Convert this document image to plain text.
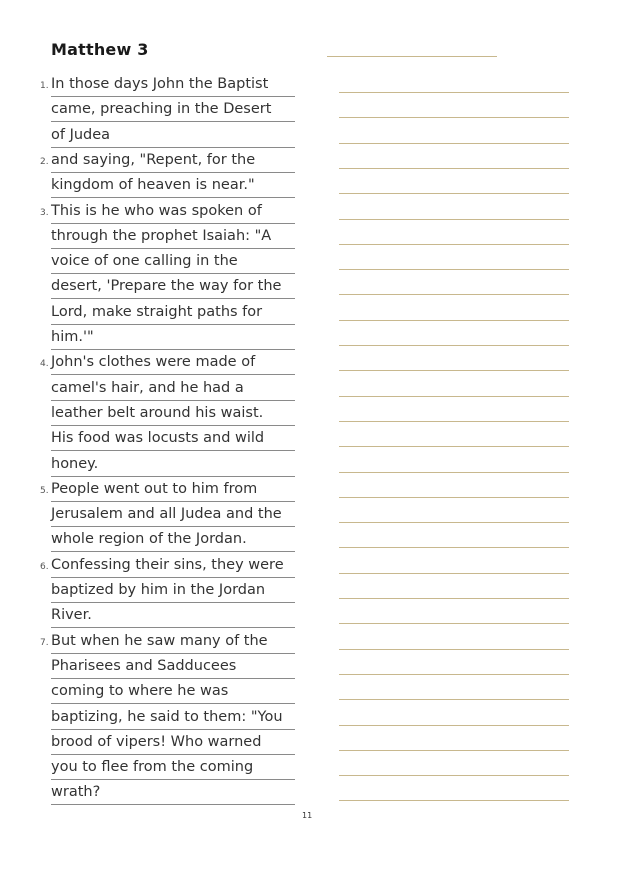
Matthew 3
1. In those days John the Baptist
came, preaching in the Desert
of Judea
2. and saying, "Repent, for the
kingdom of heaven is near."
3. This is he who was spoken of
through the prophet Isaiah: "A
voice of one calling in the
desert, 'Prepare the way for the
Lord, make straight paths for
him.'"
4. John's clothes were made of
camel's hair, and he had a
leather belt around his waist.
His food was locusts and wild
honey.
5. People went out to him from
Jerusalem and all Judea and the
whole region of the Jordan.
6. Confessing their sins, they were
baptized by him in the Jordan
River.
7. But when he saw many of the
Pharisees and Sadducees
coming to where he was
baptizing, he said to them: "You
brood of vipers! Who warned
you to flee from the coming
wrath?
11
